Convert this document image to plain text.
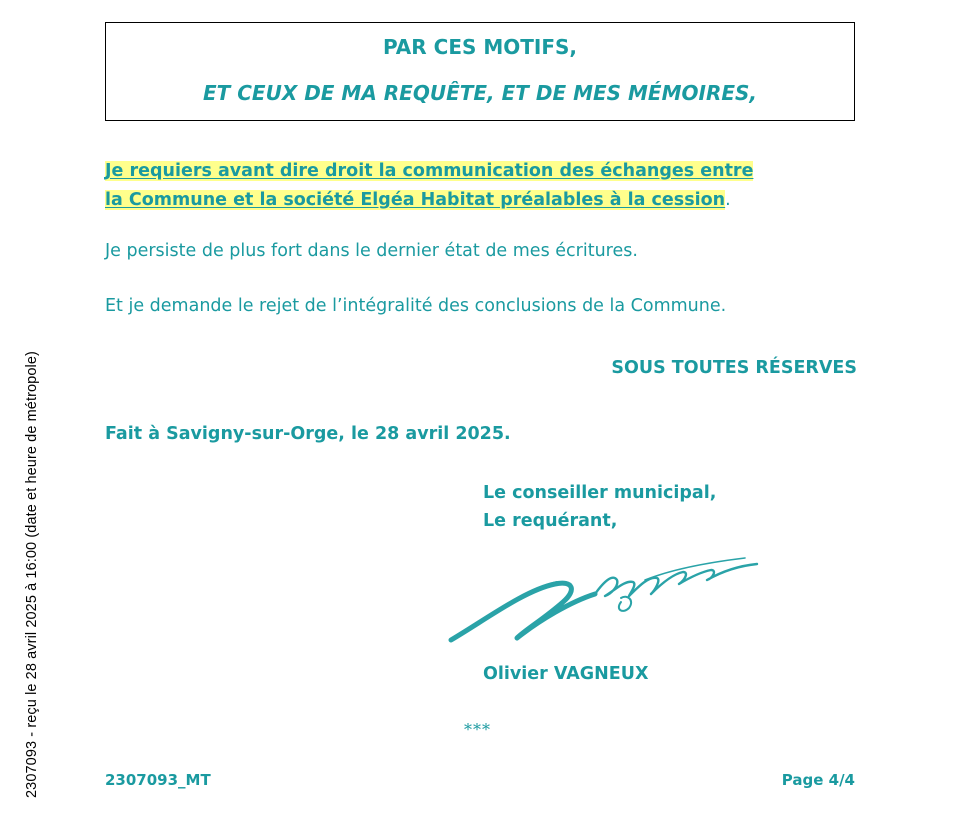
2307093 - reçu le 28 avril 2025 à 16:00 (date et heure de métropole)
PAR CES MOTIFS,
ET CEUX DE MA REQUÊTE, ET DE MES MÉMOIRES,
Je requiers avant dire droit la communication des échanges entre
la Commune et la société Elgéa Habitat préalables à la cession.
Je persiste de plus fort dans le dernier état de mes écritures.
Et je demande le rejet de l’intégralité des conclusions de la Commune.
SOUS TOUTES RÉSERVES
Fait à Savigny-sur-Orge, le 28 avril 2025.
Le conseiller municipal,
Le requérant,
Olivier VAGNEUX
***
2307093_MT	Page 4/4
